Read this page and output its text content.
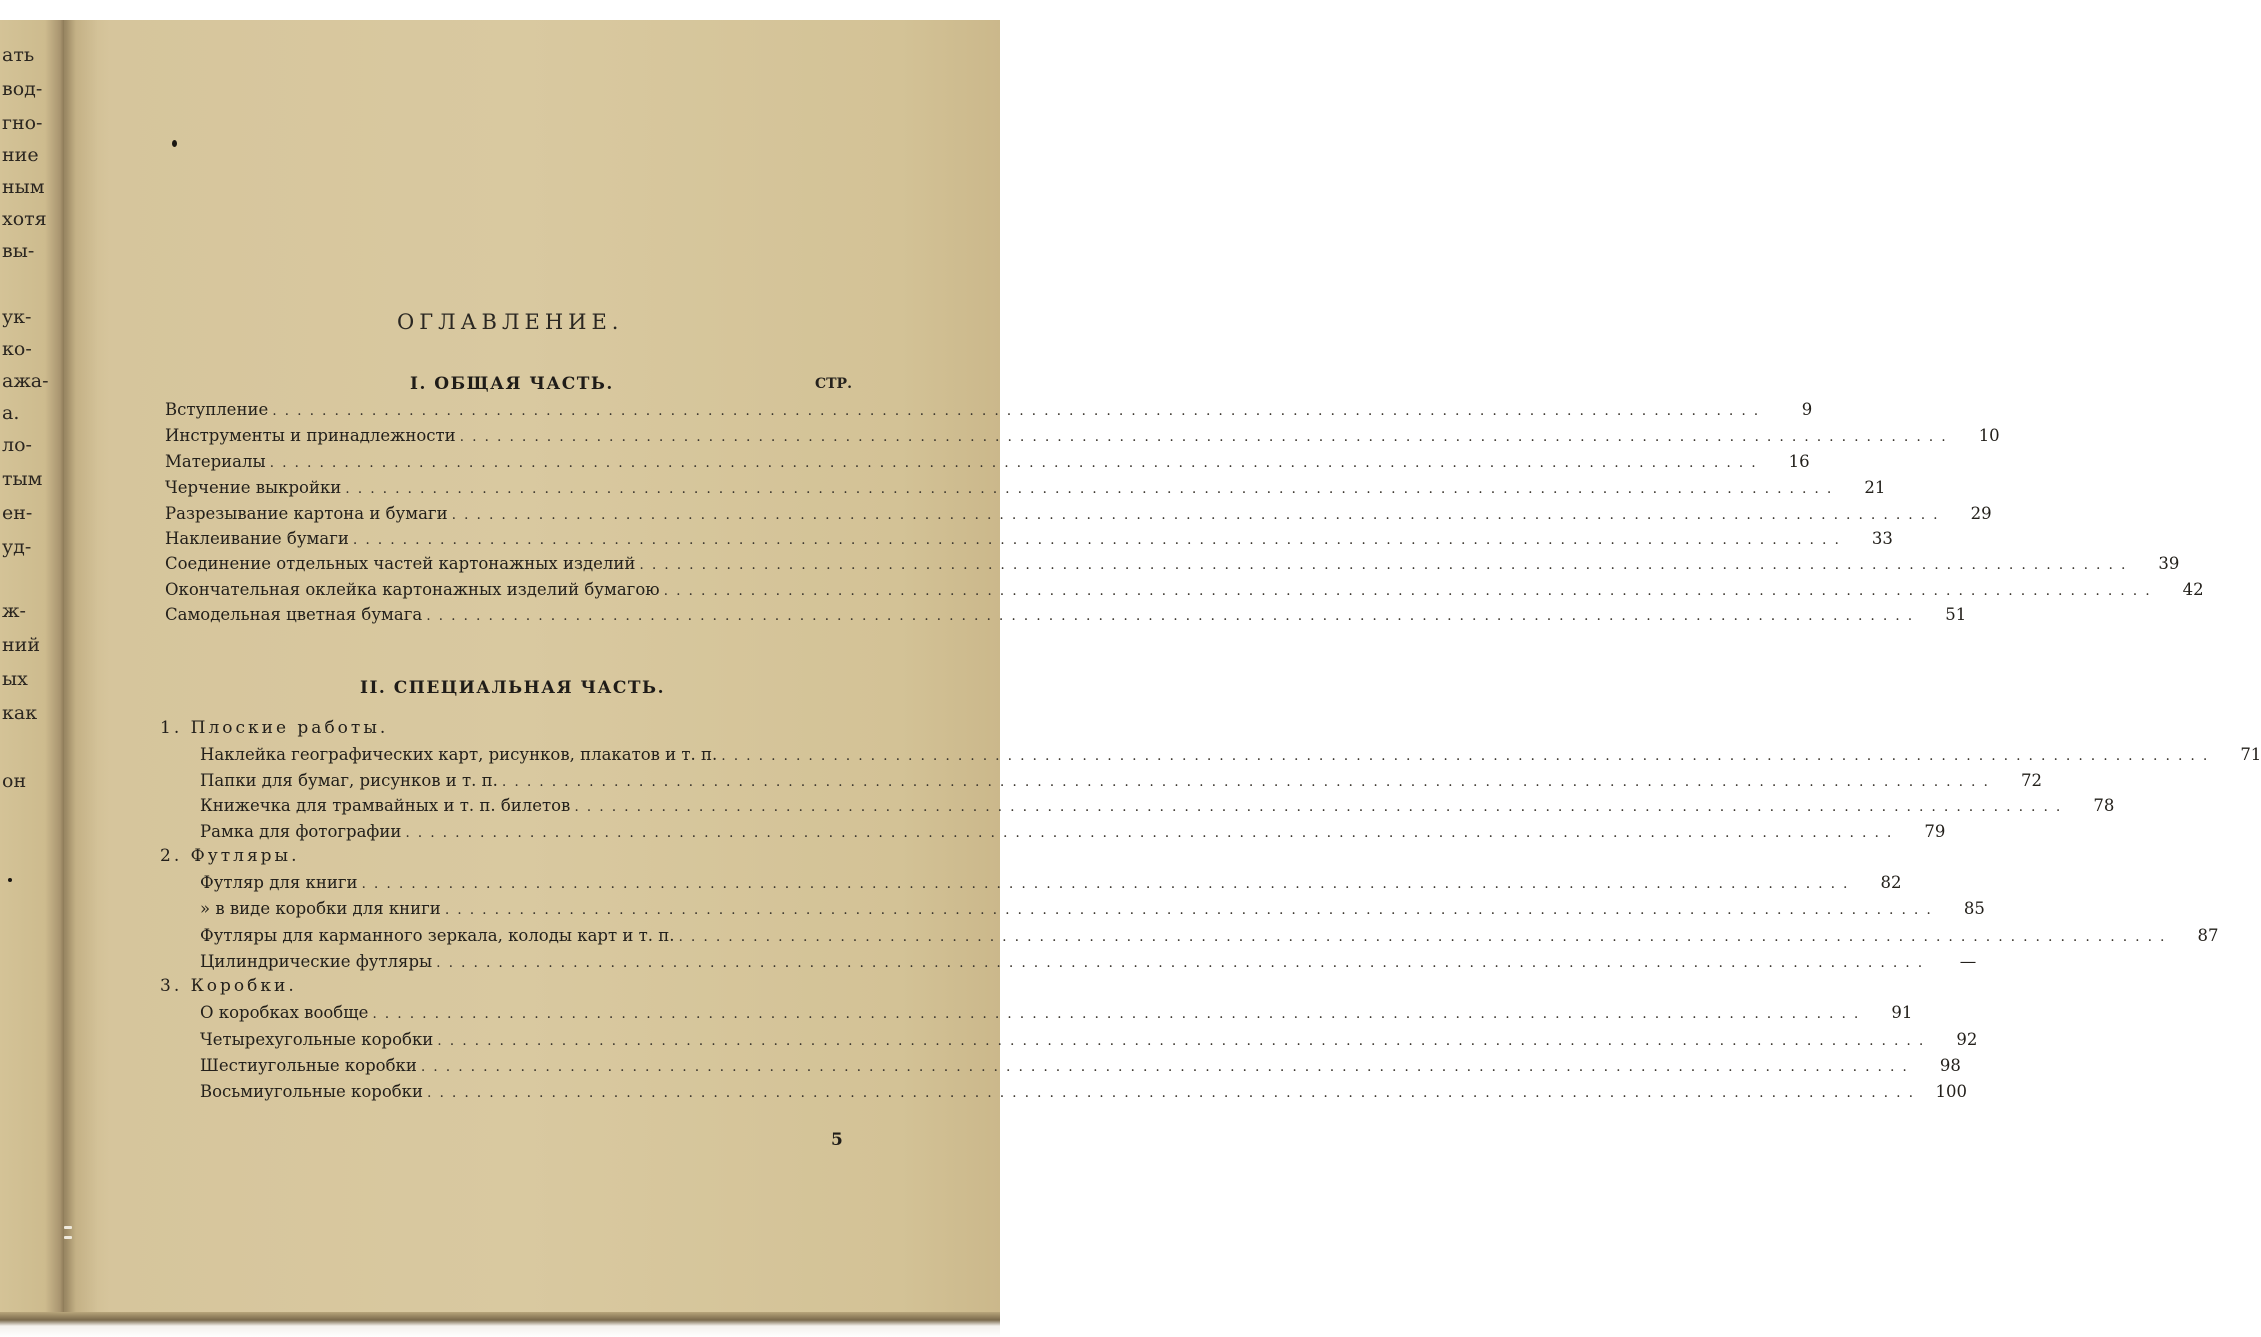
ать
вод-
гно-
ние
ным
хотя
вы-
ук-
ко-
ажа-
а.
ло-
тым
ен-
уд-
ж-
ний
ых
как
он
ОГЛАВЛЕНИЕ.
I. ОБЩАЯ ЧАСТЬ.	СТР.
Вступление ........................................................................................................................	9
Инструменты и принадлежности ........................................................................................................................	10
Материалы ........................................................................................................................	16
Черчение выкройки ........................................................................................................................	21
Разрезывание картона и бумаги ........................................................................................................................	29
Наклеивание бумаги ........................................................................................................................	33
Соединение отдельных частей картонажных изделий ........................................................................................................................	39
Окончательная оклейка картонажных изделий бумагою ........................................................................................................................	42
Самодельная цветная бумага ........................................................................................................................	51
II. СПЕЦИАЛЬНАЯ ЧАСТЬ.
1. Плоские работы.
Наклейка географических карт, рисунков, плакатов и т. п. ........................................................................................................................	71
Папки для бумаг, рисунков и т. п. ........................................................................................................................	72
Книжечка для трамвайных и т. п. билетов ........................................................................................................................	78
Рамка для фотографии ........................................................................................................................	79
2. Футляры.
Футляр для книги ........................................................................................................................	82
» в виде коробки для книги ........................................................................................................................	85
Футляры для карманного зеркала, колоды карт и т. п. ........................................................................................................................	87
Цилиндрические футляры ........................................................................................................................	—
3. Коробки.
О коробках вообще ........................................................................................................................	91
Четырехугольные коробки ........................................................................................................................	92
Шестиугольные коробки ........................................................................................................................	98
Восьмиугольные коробки ........................................................................................................................ 100
5
